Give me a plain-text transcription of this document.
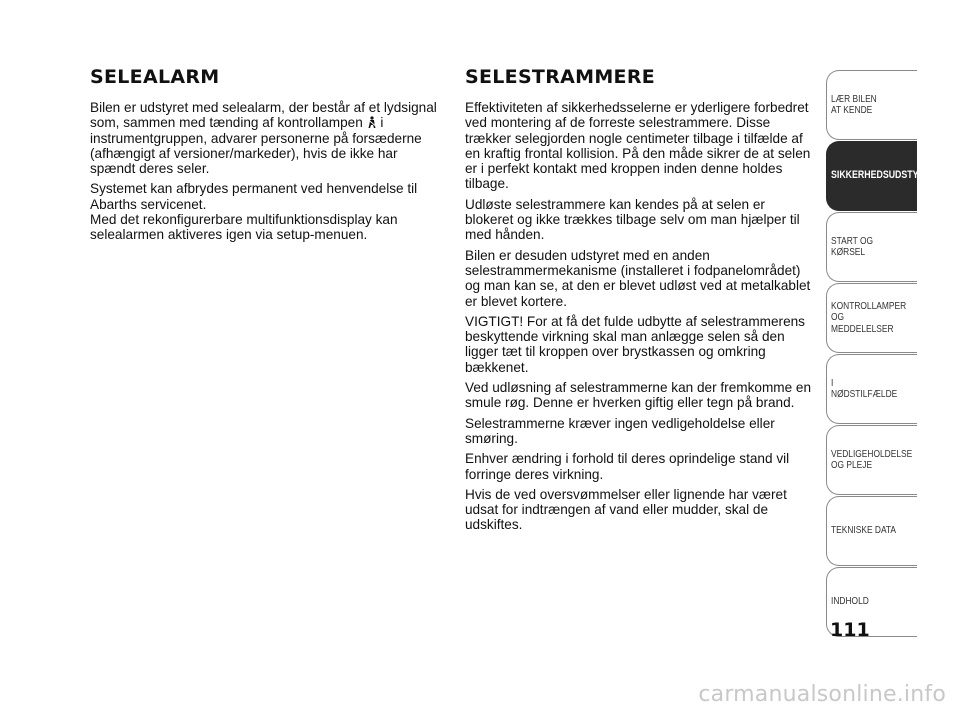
SELEALARM

Bilen er udstyret med selealarm, der består af et lydsignal som, sammen med tænding af kontrollampen i instrumentgruppen, advarer personerne på forsæderne (afhængigt af versioner/markeder), hvis de ikke har spændt deres seler.

Systemet kan afbrydes permanent ved henvendelse til Abarths servicenet.
Med det rekonfigurerbare multifunktionsdisplay kan selealarmen aktiveres igen via setup-menuen.

SELESTRAMMERE

Effektiviteten af sikkerhedsselerne er yderligere forbedret ved montering af de forreste selestrammere. Disse trækker selegjorden nogle centimeter tilbage i tilfælde af en kraftig frontal kollision. På den måde sikrer de at selen er i perfekt kontakt med kroppen inden denne holdes tilbage.

Udløste selestrammere kan kendes på at selen er blokeret og ikke trækkes tilbage selv om man hjælper til med hånden.

Bilen er desuden udstyret med en anden selestrammermekanisme (installeret i fodpanelområdet) og man kan se, at den er blevet udløst ved at metalkablet er blevet kortere.

VIGTIGT! For at få det fulde udbytte af selestrammerens beskyttende virkning skal man anlægge selen så den ligger tæt til kroppen over brystkassen og omkring bækkenet.

Ved udløsning af selestrammerne kan der fremkomme en smule røg. Denne er hverken giftig eller tegn på brand.

Selestrammerne kræver ingen vedligeholdelse eller smøring.

Enhver ændring i forhold til deres oprindelige stand vil forringe deres virkning.

Hvis de ved oversvømmelser eller lignende har været udsat for indtrængen af vand eller mudder, skal de udskiftes.

LÆR BILEN
AT KENDE
SIKKERHEDSUDSTYR
START OG KØRSEL
KONTROLLAMPER
OG MEDDELELSER
I NØDSTILFÆLDE
VEDLIGEHOLDELSE
OG PLEJE
TEKNISKE DATA
INDHOLD
111
carmanualsonline.info
